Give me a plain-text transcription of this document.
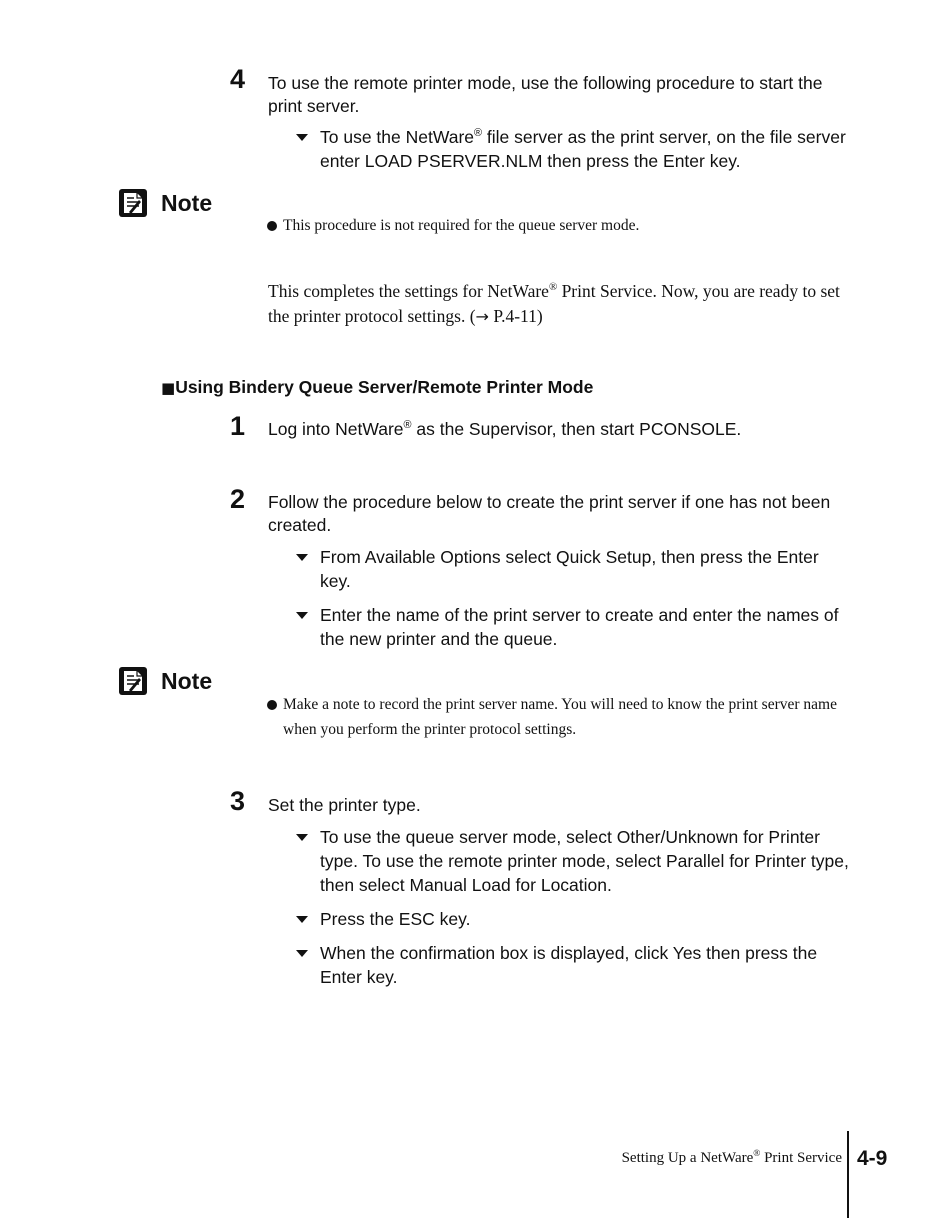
4	To use the remote printer mode, use the following procedure to start the print server.
To use the NetWare® file server as the print server, on the file server enter LOAD PSERVER.NLM then press the Enter key.
Note
This procedure is not required for the queue server mode.
This completes the settings for NetWare® Print Service. Now, you are ready to set the printer protocol settings. (→ P.4-11)
■Using Bindery Queue Server/Remote Printer Mode
1	Log into NetWare® as the Supervisor, then start PCONSOLE.
2	Follow the procedure below to create the print server if one has not been created.
From Available Options select Quick Setup, then press the Enter key.
Enter the name of the print server to create and enter the names of the new printer and the queue.
Note
Make a note to record the print server name. You will need to know the print server name when you perform the printer protocol settings.
3	Set the printer type.
To use the queue server mode, select Other/Unknown for Printer type. To use the remote printer mode, select Parallel for Printer type, then select Manual Load for Location.
Press the ESC key.
When the confirmation box is displayed, click Yes then press the Enter key.
Setting Up a NetWare® Print Service 4-9
